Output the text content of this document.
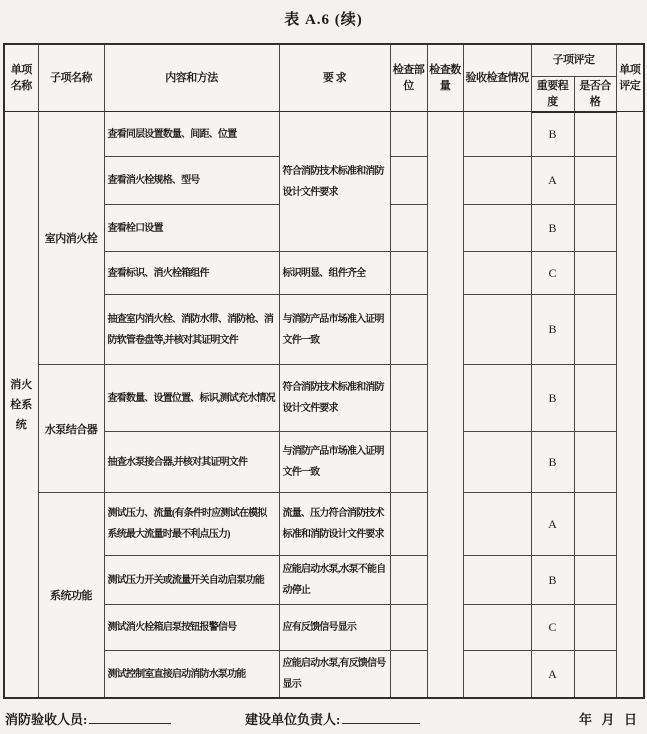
表 A.6 (续)
单项名称	子项名称	内容和方法	要 求	检查部位	检查数量	验收检查情况	子项评定		单项评定
							重要程度	是否合格	
消火栓系统	室内消火栓	查看同层设置数量、间距、位置	符合消防技术标准和消防设计文件要求				B		
		查看消火栓规格、型号					A		
		查看栓口设置					B		
		查看标识、消火栓箱组件	标识明显、组件齐全				C		
		抽查室内消火栓、消防水带、消防枪、消防软管卷盘等,并核对其证明文件	与消防产品市场准入证明文件一致				B		
	水泵结合器	查看数量、设置位置、标识,测试充水情况	符合消防技术标准和消防设计文件要求				B		
		抽查水泵接合器,并核对其证明文件	与消防产品市场准入证明文件一致				B		
	系统功能	测试压力、流量(有条件时应测试在模拟系统最大流量时最不利点压力)	流量、压力符合消防技术标准和消防设计文件要求				A		
		测试压力开关或流量开关自动启泵功能	应能启动水泵,水泵不能自动停止				B		
		测试消火栓箱启泵按钮报警信号	应有反馈信号显示				C		
		测试控制室直接启动消防水泵功能	应能启动水泵,有反馈信号显示				A		
消防验收人员:	建设单位负责人:	年  月  日
